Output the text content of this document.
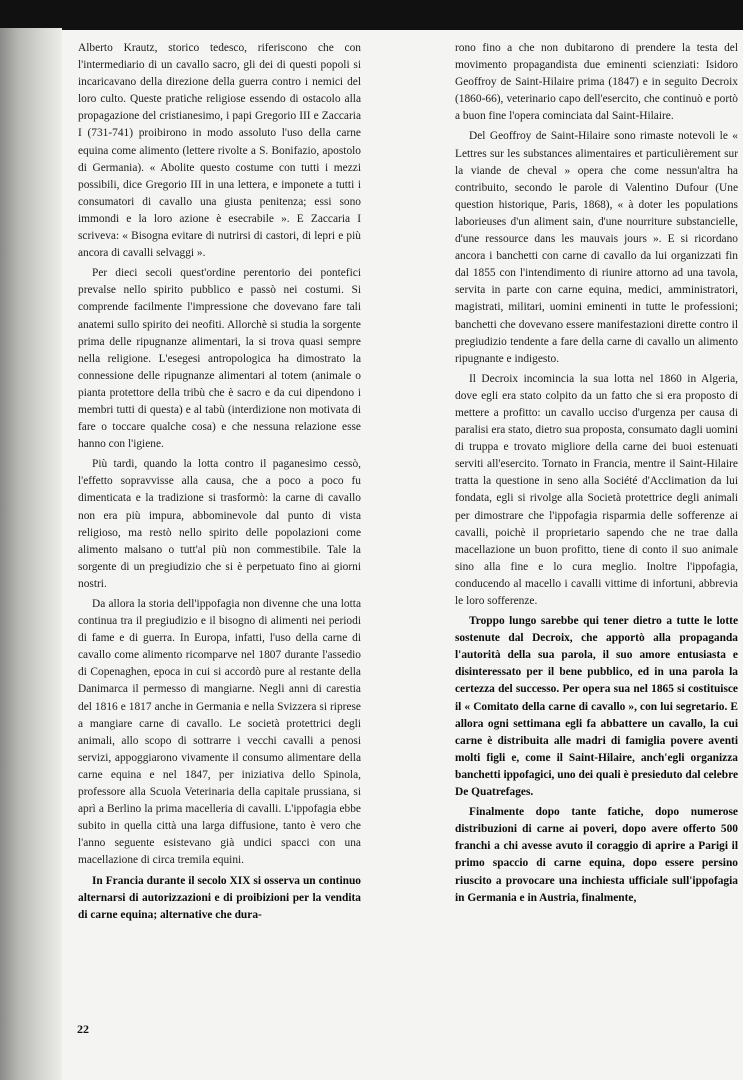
Alberto Krautz, storico tedesco, riferiscono che con l'intermediario di un cavallo sacro, gli dei di questi popoli si incaricavano della direzione della guerra contro i nemici del loro culto. Queste pratiche religiose essendo di ostacolo alla propagazione del cristianesimo, i papi Gregorio III e Zaccaria I (731-741) proibirono in modo assoluto l'uso della carne equina come alimento (lettere rivolte a S. Bonifazio, apostolo di Germania). « Abolite questo costume con tutti i mezzi possibili, dice Gregorio III in una lettera, e imponete a tutti i consumatori di cavallo una giusta penitenza; essi sono immondi e la loro azione è esecrabile ». E Zaccaria I scriveva: « Bisogna evitare di nutrirsi di castori, di lepri e più ancora di cavalli selvaggi ».

Per dieci secoli quest'ordine perentorio dei pontefici prevalse nello spirito pubblico e passò nei costumi. Si comprende facilmente l'impressione che dovevano fare tali anatemi sullo spirito dei neofiti. Allorchè si studia la sorgente prima delle ripugnanze alimentari, la si trova quasi sempre nella religione. L'esegesi antropologica ha dimostrato la connessione delle ripugnanze alimentari al totem (animale o pianta protettore della tribù che è sacro e da cui dipendono i membri tutti di questa) e al tabù (interdizione non motivata di fare o toccare qualche cosa) e che nessuna relazione esse hanno con l'igiene.

Più tardi, quando la lotta contro il paganesimo cessò, l'effetto sopravvisse alla causa, che a poco a poco fu dimenticata e la tradizione si trasformò: la carne di cavallo non era più impura, abbominevole dal punto di vista religioso, ma restò nello spirito delle popolazioni come alimento malsano o tutt'al più non commestibile. Tale la sorgente di un pregiudizio che si è perpetuato fino ai giorni nostri.

Da allora la storia dell'ippofagia non divenne che una lotta continua tra il pregiudizio e il bisogno di alimenti nei periodi di fame e di guerra. In Europa, infatti, l'uso della carne di cavallo come alimento ricomparve nel 1807 durante l'assedio di Copenaghen, epoca in cui si accordò pure al restante della Danimarca il permesso di mangiarne. Negli anni di carestia del 1816 e 1817 anche in Germania e nella Svizzera si riprese a mangiare carne di cavallo. Le società protettrici degli animali, allo scopo di sottrarre i vecchi cavalli a penosi servizi, appoggiarono vivamente il consumo alimentare della carne equina e nel 1847, per iniziativa dello Spinola, professore alla Scuola Veterinaria della capitale prussiana, si aprì a Berlino la prima macelleria di cavalli. L'ippofagia ebbe subito in quella città una larga diffusione, tanto è vero che l'anno seguente esistevano già undici spacci con una macellazione di circa tremila equini.

In Francia durante il secolo XIX si osserva un continuo alternarsi di autorizzazioni e di proibizioni per la vendita di carne equina; alternative che dura-

rono fino a che non dubitarono di prendere la testa del movimento propagandista due eminenti scienziati: Isidoro Geoffroy de Saint-Hilaire prima (1847) e in seguito Decroix (1860-66), veterinario capo dell'esercito, che continuò e portò a buon fine l'opera cominciata dal Saint-Hilaire.

Del Geoffroy de Saint-Hilaire sono rimaste notevoli le « Lettres sur les substances alimentaires et particulièrement sur la viande de cheval » opera che come nessun'altra ha contribuito, secondo le parole di Valentino Dufour (Une question historique, Paris, 1868), « à doter les populations laborieuses d'un aliment sain, d'une nourriture substancielle, d'une ressource dans les mauvais jours ». E si ricordano ancora i banchetti con carne di cavallo da lui organizzati fin dal 1855 con l'intendimento di riunire attorno ad una tavola, servita in parte con carne equina, medici, amministratori, magistrati, militari, uomini eminenti in tutte le professioni; banchetti che dovevano essere manifestazioni dirette contro il pregiudizio tendente a fare della carne di cavallo un alimento ripugnante e indigesto.

Il Decroix incomincia la sua lotta nel 1860 in Algeria, dove egli era stato colpito da un fatto che si era proposto di mettere a profitto: un cavallo ucciso d'urgenza per causa di paralisi era stato, dietro sua proposta, consumato dagli uomini di truppa e trovato migliore della carne dei buoi estenuati serviti all'esercito. Tornato in Francia, mentre il Saint-Hilaire tratta la questione in seno alla Société d'Acclimation da lui fondata, egli si rivolge alla Società protettrice degli animali per dimostrare che l'ippofagia risparmia delle sofferenze ai cavalli, poichè il proprietario sapendo che ne trae dalla macellazione un buon profitto, tiene di conto il suo animale sino alla fine e lo cura meglio. Inoltre l'ippofagia, conducendo al macello i cavalli vittime di infortuni, abbrevia le loro sofferenze.

Troppo lungo sarebbe qui tener dietro a tutte le lotte sostenute dal Decroix, che apportò alla propaganda l'autorità della sua parola, il suo amore entusiasta e disinteressato per il bene pubblico, ed in una parola la certezza del successo. Per opera sua nel 1865 si costituisce il « Comitato della carne di cavallo », con lui segretario. E allora ogni settimana egli fa abbattere un cavallo, la cui carne è distribuita alle madri di famiglia povere aventi molti figli e, come il Saint-Hilaire, anch'egli organizza banchetti ippofagici, uno dei quali è presieduto dal celebre De Quatrefages.

Finalmente dopo tante fatiche, dopo numerose distribuzioni di carne ai poveri, dopo avere offerto 500 franchi a chi avesse avuto il coraggio di aprire a Parigi il primo spaccio di carne equina, dopo essere persino riuscito a provocare una inchiesta ufficiale sull'ippofagia in Germania e in Austria, finalmente,

22
